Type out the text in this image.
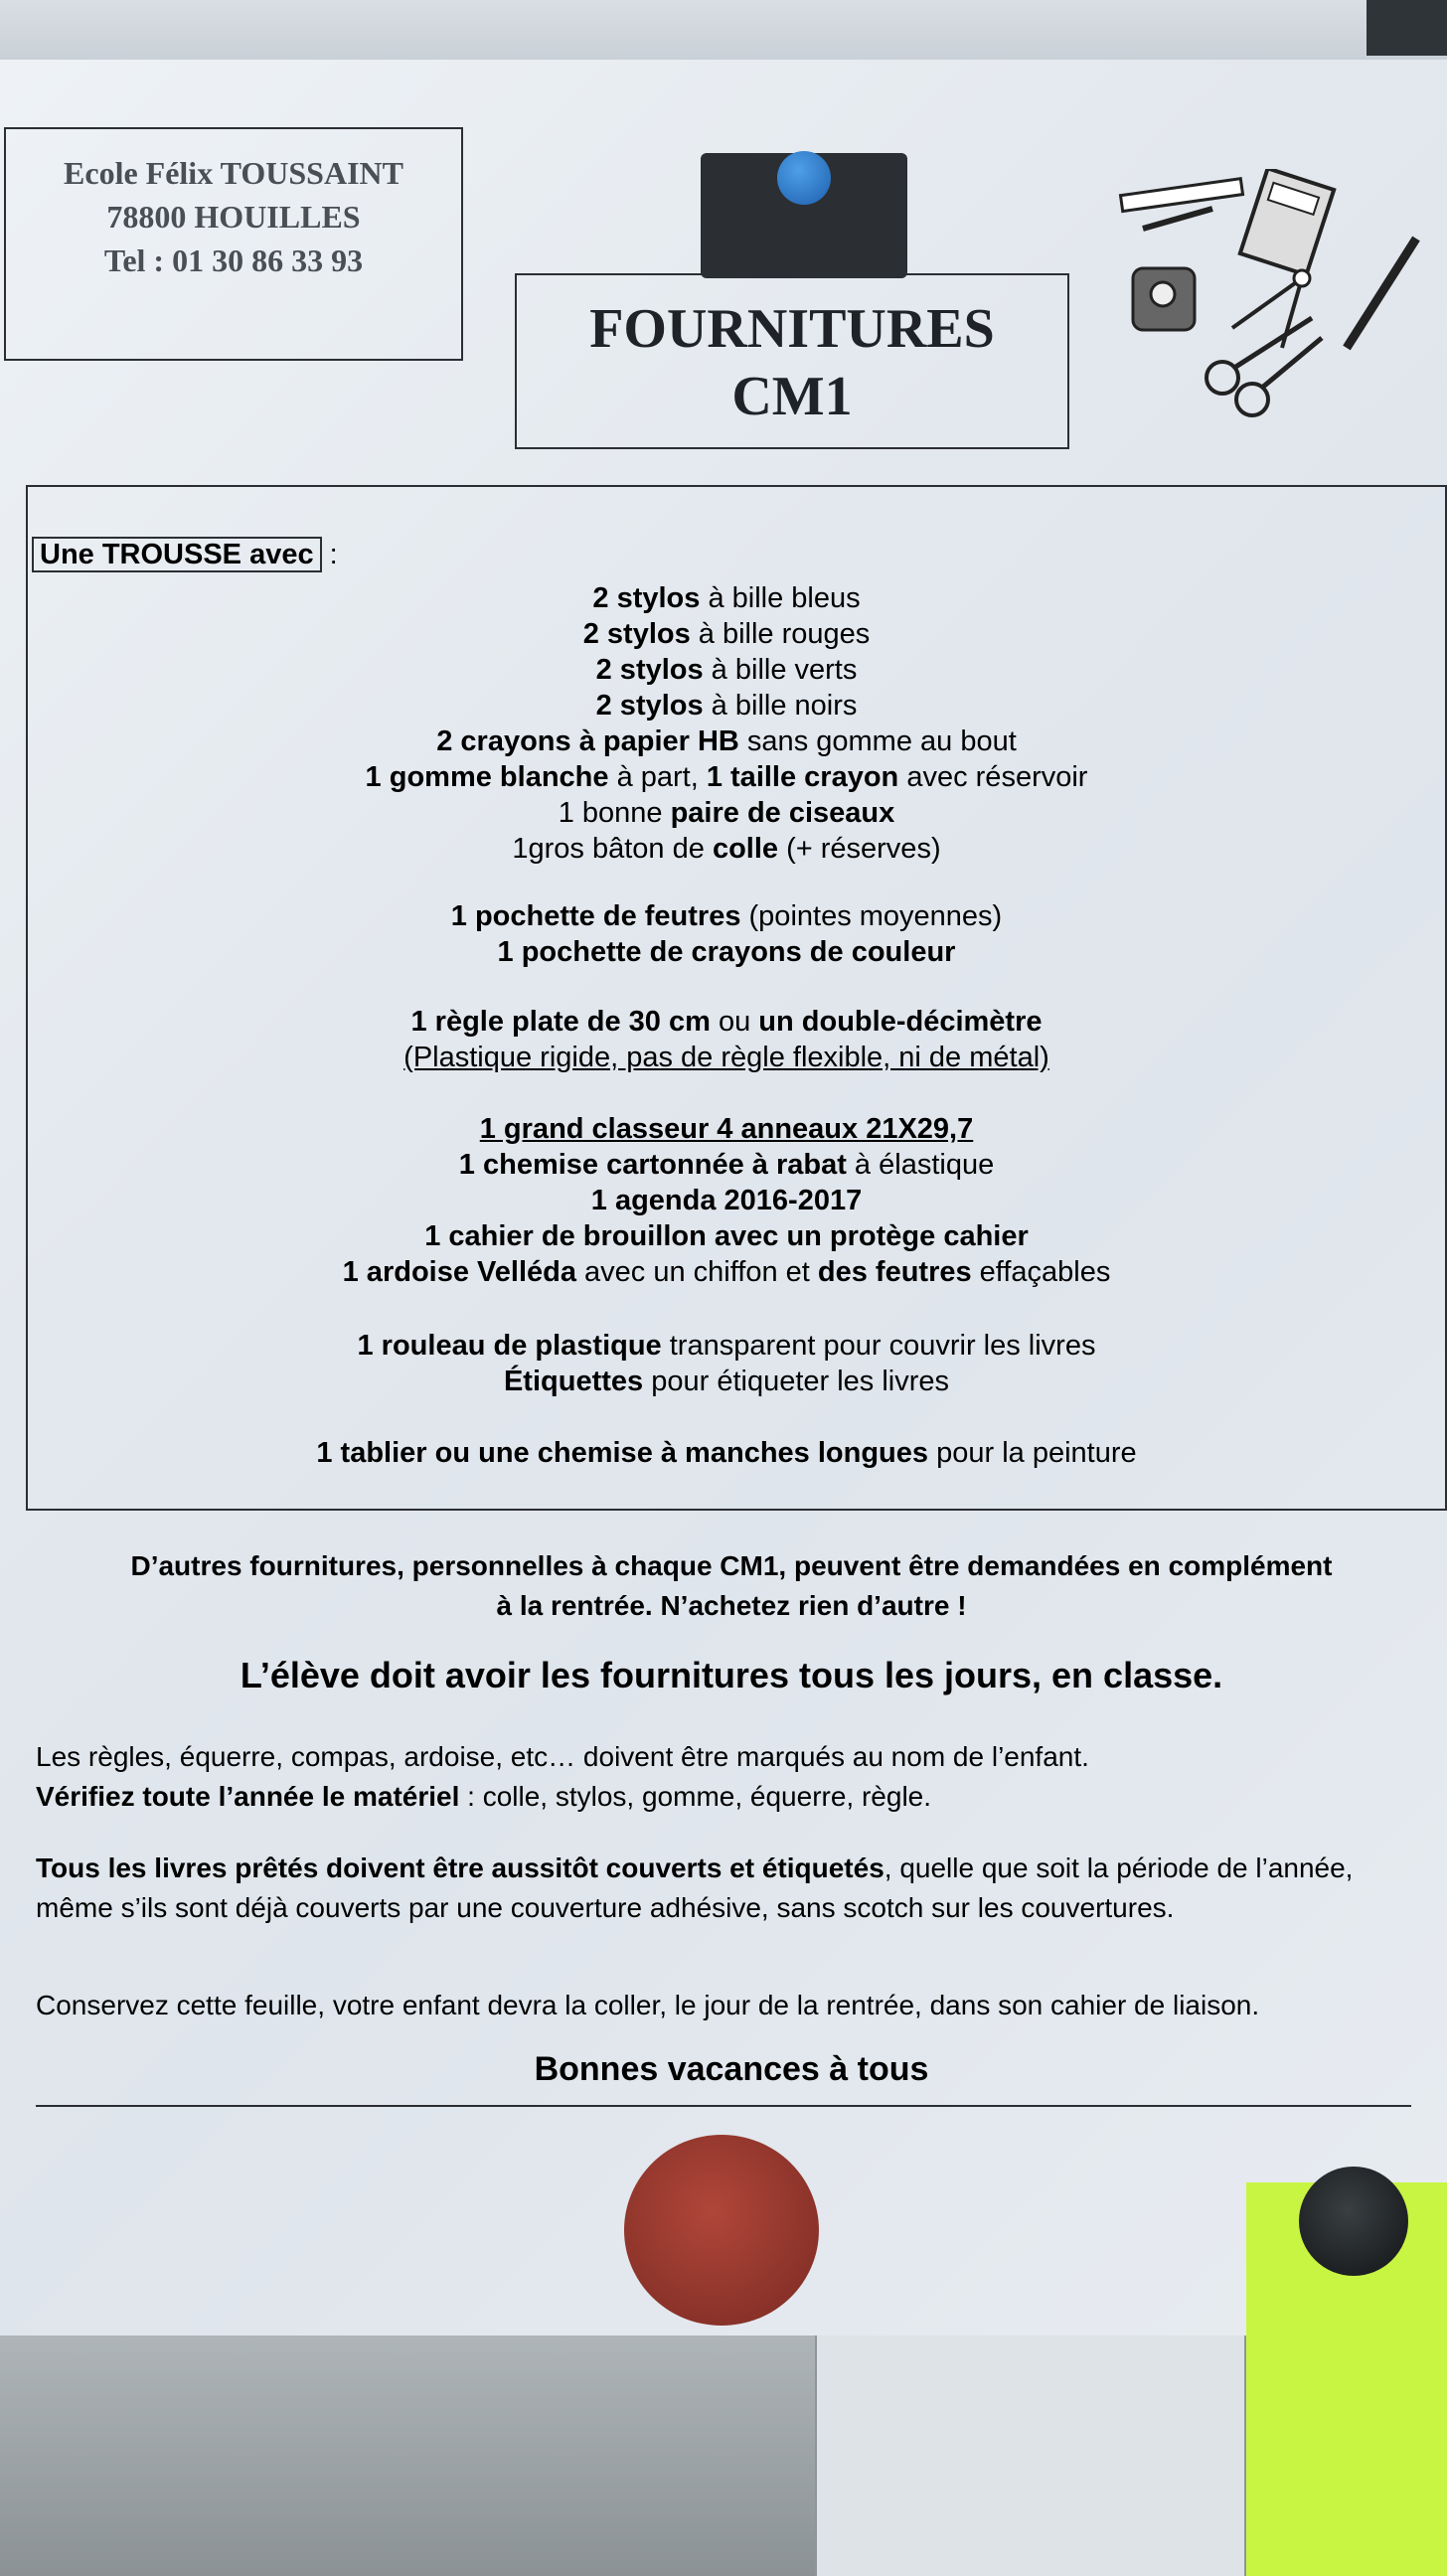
Ecole Félix TOUSSAINT
78800 HOUILLES
Tel : 01 30 86 33 93
FOURNITURES
CM1
Une TROUSSE avec :
2 stylos à bille bleus
2 stylos à bille rouges
2 stylos à bille verts
2 stylos à bille noirs
2 crayons à papier HB sans gomme au bout
1 gomme blanche à part, 1 taille crayon avec réservoir
1 bonne paire de ciseaux
1gros bâton de colle (+ réserves)
1 pochette de feutres (pointes moyennes)
1 pochette de crayons de couleur
1 règle plate de 30 cm ou un double-décimètre
(Plastique rigide, pas de règle flexible, ni de métal)
1 grand classeur 4 anneaux 21X29,7
1 chemise cartonnée à rabat à élastique
1 agenda 2016-2017
1 cahier de brouillon avec un protège cahier
1 ardoise Velléda avec un chiffon et des feutres effaçables
1 rouleau de plastique transparent pour couvrir les livres
Étiquettes pour étiqueter les livres
1 tablier ou une chemise à manches longues pour la peinture
D’autres fournitures, personnelles à chaque CM1, peuvent être demandées en complément
à la rentrée. N’achetez rien d’autre !
L’élève doit avoir les fournitures tous les jours, en classe.
Les règles, équerre, compas, ardoise, etc… doivent être marqués au nom de l’enfant.
Vérifiez toute l’année le matériel : colle, stylos, gomme, équerre, règle.
Tous les livres prêtés doivent être aussitôt couverts et étiquetés, quelle que soit la période de l’année, même s’ils sont déjà couverts par une couverture adhésive, sans scotch sur les couvertures.
Conservez cette feuille, votre enfant devra la coller, le jour de la rentrée, dans son cahier de liaison.
Bonnes vacances à tous
